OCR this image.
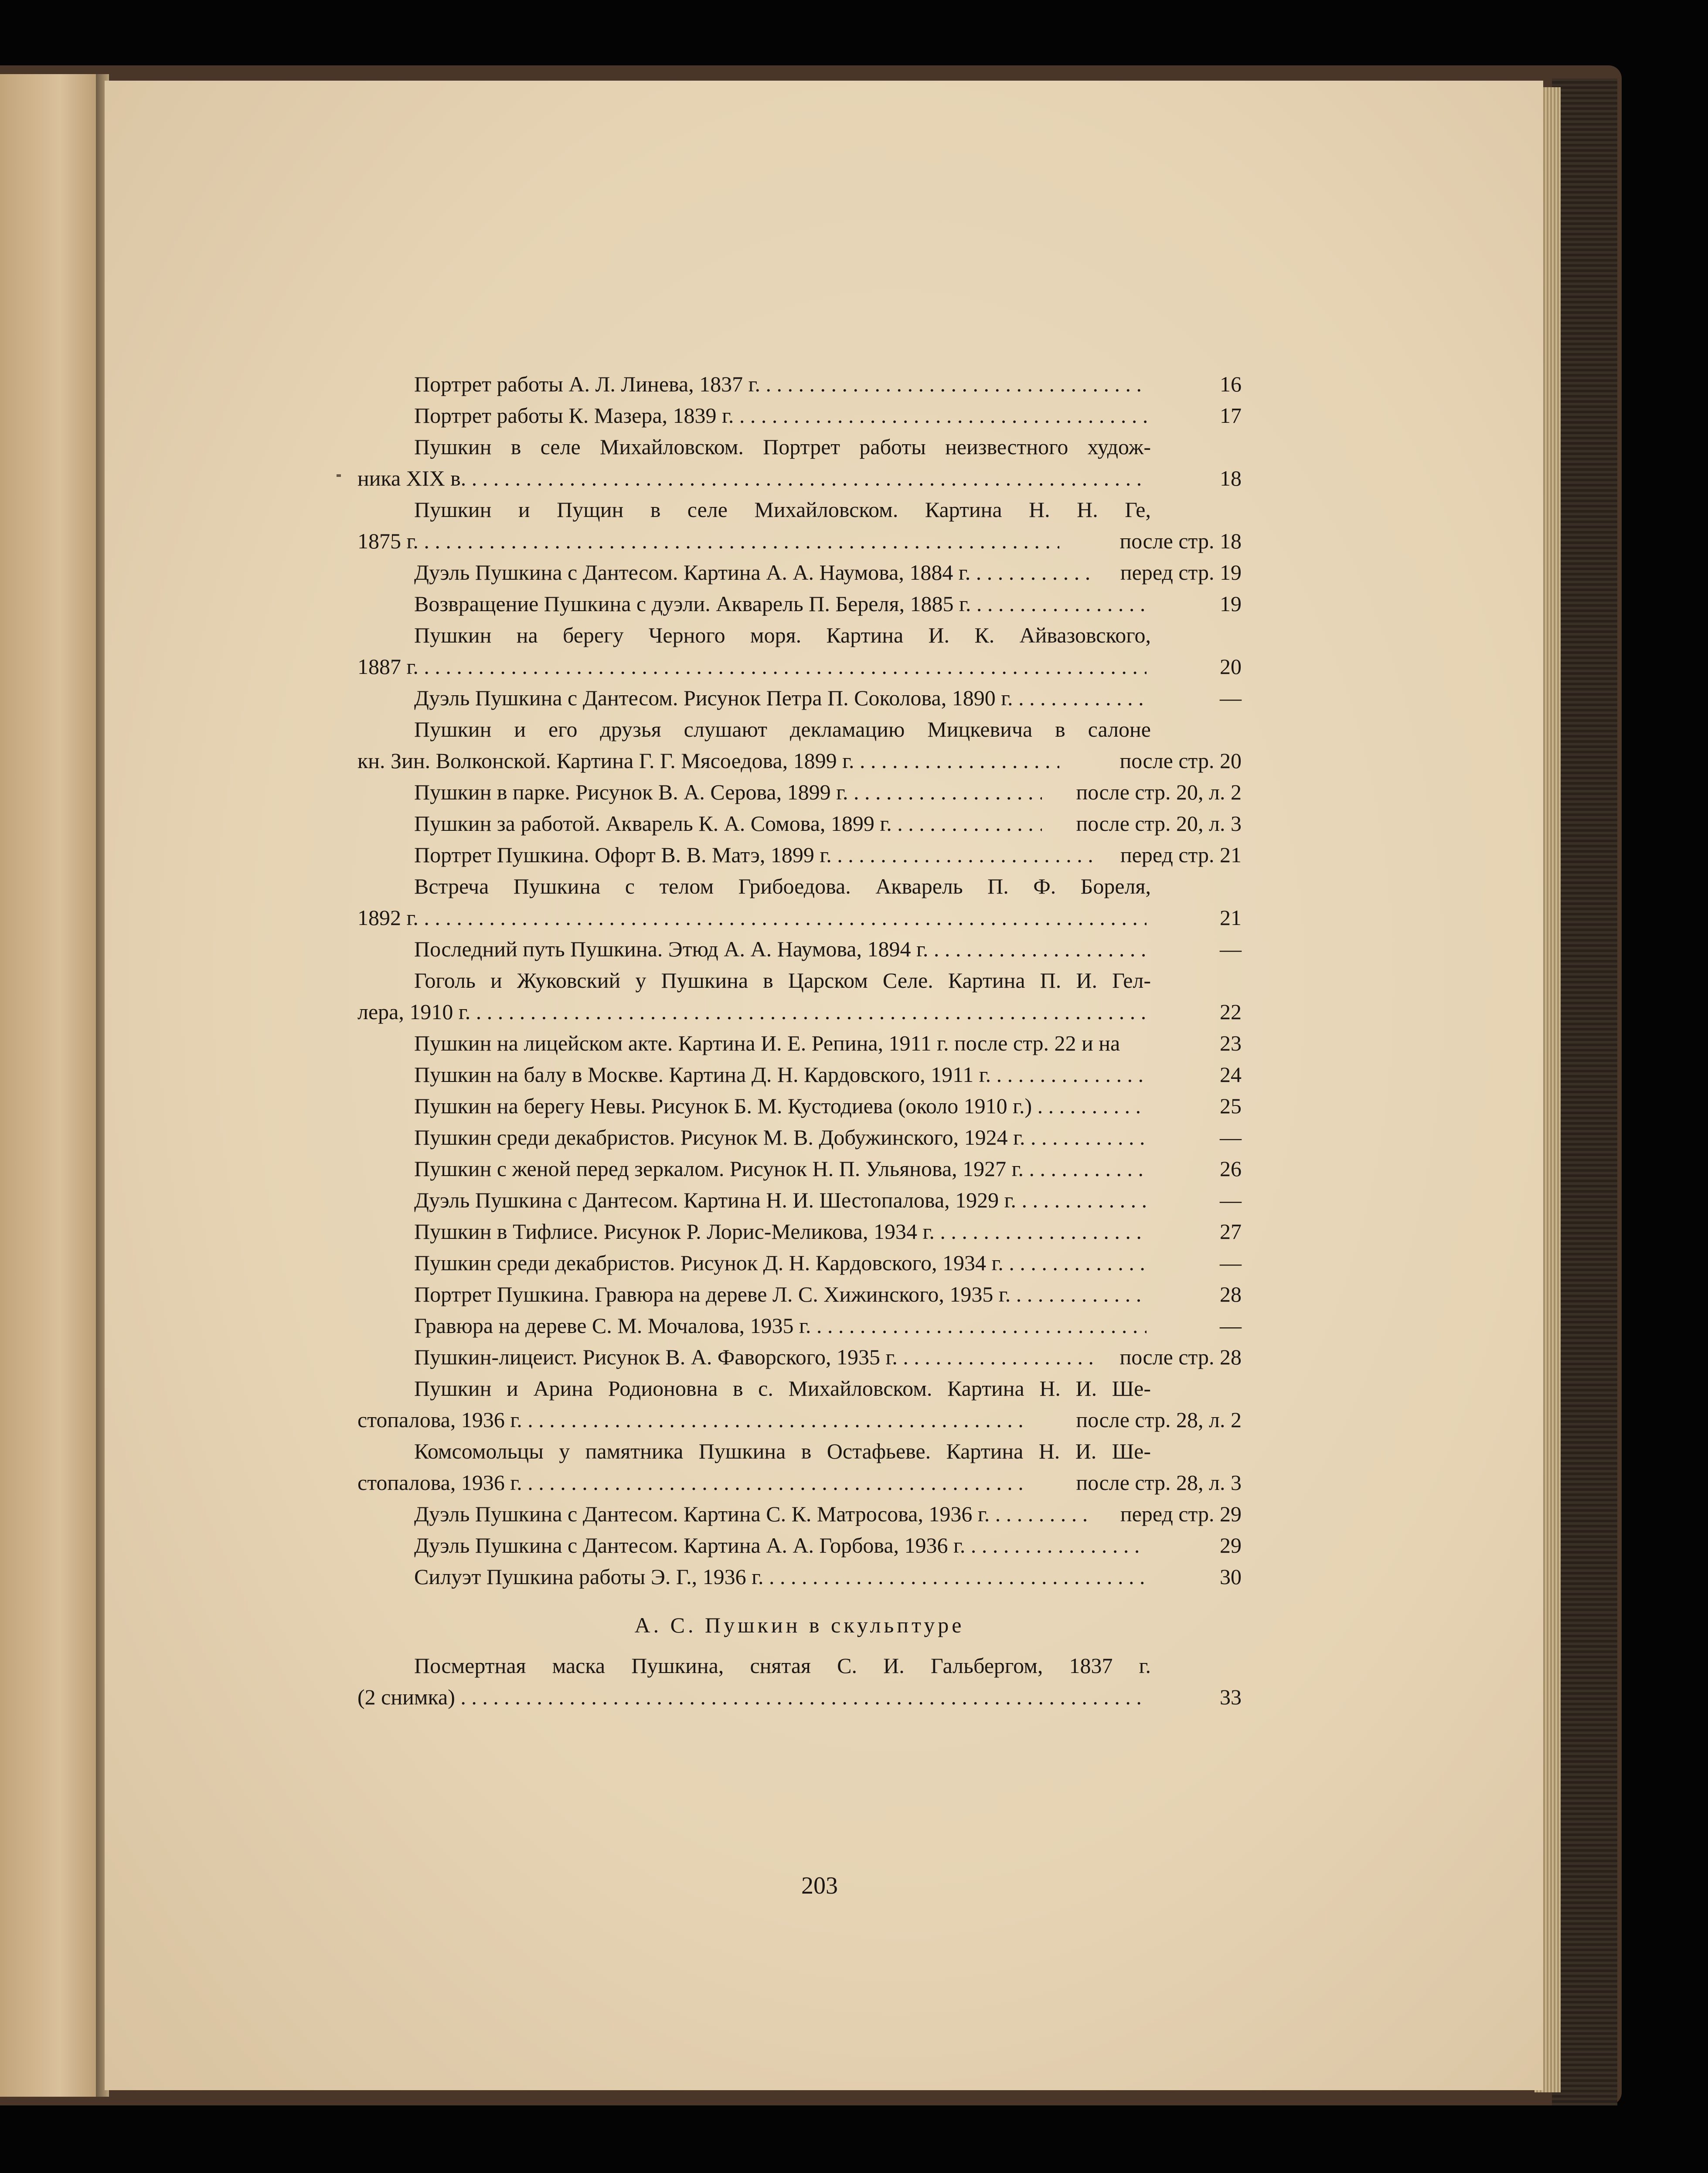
Портрет работы А. Л. Линева, 1837 г. . . .	16
Портрет работы К. Мазера, 1839 г. . . .	17
Пушкин в селе Михайловском. Портрет работы неизвестного худож-
ника XIX в. . . .	18
Пушкин и Пущин в селе Михайловском. Картина Н. Н. Ге,
1875 г. . . .	после стр. 18
Дуэль Пушкина с Дантесом. Картина А. А. Наумова, 1884 г. . . .	перед стр. 19
Возвращение Пушкина с дуэли. Акварель П. Береля, 1885 г. . . .	19
Пушкин на берегу Черного моря. Картина И. К. Айвазовского,
1887 г. . . .	20
Дуэль Пушкина с Дантесом. Рисунок Петра П. Соколова, 1890 г. . . .	—
Пушкин и его друзья слушают декламацию Мицкевича в салоне
кн. Зин. Волконской. Картина Г. Г. Мясоедова, 1899 г. . . .	после стр. 20
Пушкин в парке. Рисунок В. А. Серова, 1899 г. . . .	после стр. 20, л. 2
Пушкин за работой. Акварель К. А. Сомова, 1899 г. . . .	после стр. 20, л. 3
Портрет Пушкина. Офорт В. В. Матэ, 1899 г. . . .	перед стр. 21
Встреча Пушкина с телом Грибоедова. Акварель П. Ф. Бореля,
1892 г. . . .	21
Последний путь Пушкина. Этюд А. А. Наумова, 1894 г. . . .	—
Гоголь и Жуковский у Пушкина в Царском Селе. Картина П. И. Гел-
лера, 1910 г. . . .	22
Пушкин на лицейском акте. Картина И. Е. Репина, 1911 г. после стр. 22 и на	23
Пушкин на балу в Москве. Картина Д. Н. Кардовского, 1911 г. . . .	24
Пушкин на берегу Невы. Рисунок Б. М. Кустодиева (около 1910 г.) . . .	25
Пушкин среди декабристов. Рисунок М. В. Добужинского, 1924 г. . . .	—
Пушкин с женой перед зеркалом. Рисунок Н. П. Ульянова, 1927 г. . . .	26
Дуэль Пушкина с Дантесом. Картина Н. И. Шестопалова, 1929 г. . . .	—
Пушкин в Тифлисе. Рисунок Р. Лорис-Меликова, 1934 г. . . .	27
Пушкин среди декабристов. Рисунок Д. Н. Кардовского, 1934 г. . . .	—
Портрет Пушкина. Гравюра на дереве Л. С. Хижинского, 1935 г. . . .	28
Гравюра на дереве С. М. Мочалова, 1935 г. . . .	—
Пушкин-лицеист. Рисунок В. А. Фаворского, 1935 г. . . .	после стр. 28
Пушкин и Арина Родионовна в с. Михайловском. Картина Н. И. Ше-
стопалова, 1936 г. . . .	после стр. 28, л. 2
Комсомольцы у памятника Пушкина в Остафьеве. Картина Н. И. Ше-
стопалова, 1936 г. . . .	после стр. 28, л. 3
Дуэль Пушкина с Дантесом. Картина С. К. Матросова, 1936 г. . . .	перед стр. 29
Дуэль Пушкина с Дантесом. Картина А. А. Горбова, 1936 г. . . .	29
Силуэт Пушкина работы Э. Г., 1936 г. . . .	30
А. С. Пушкин в скульптуре
Посмертная маска Пушкина, снятая С. И. Гальбергом, 1837 г.
(2 снимка) . . .	33
203
